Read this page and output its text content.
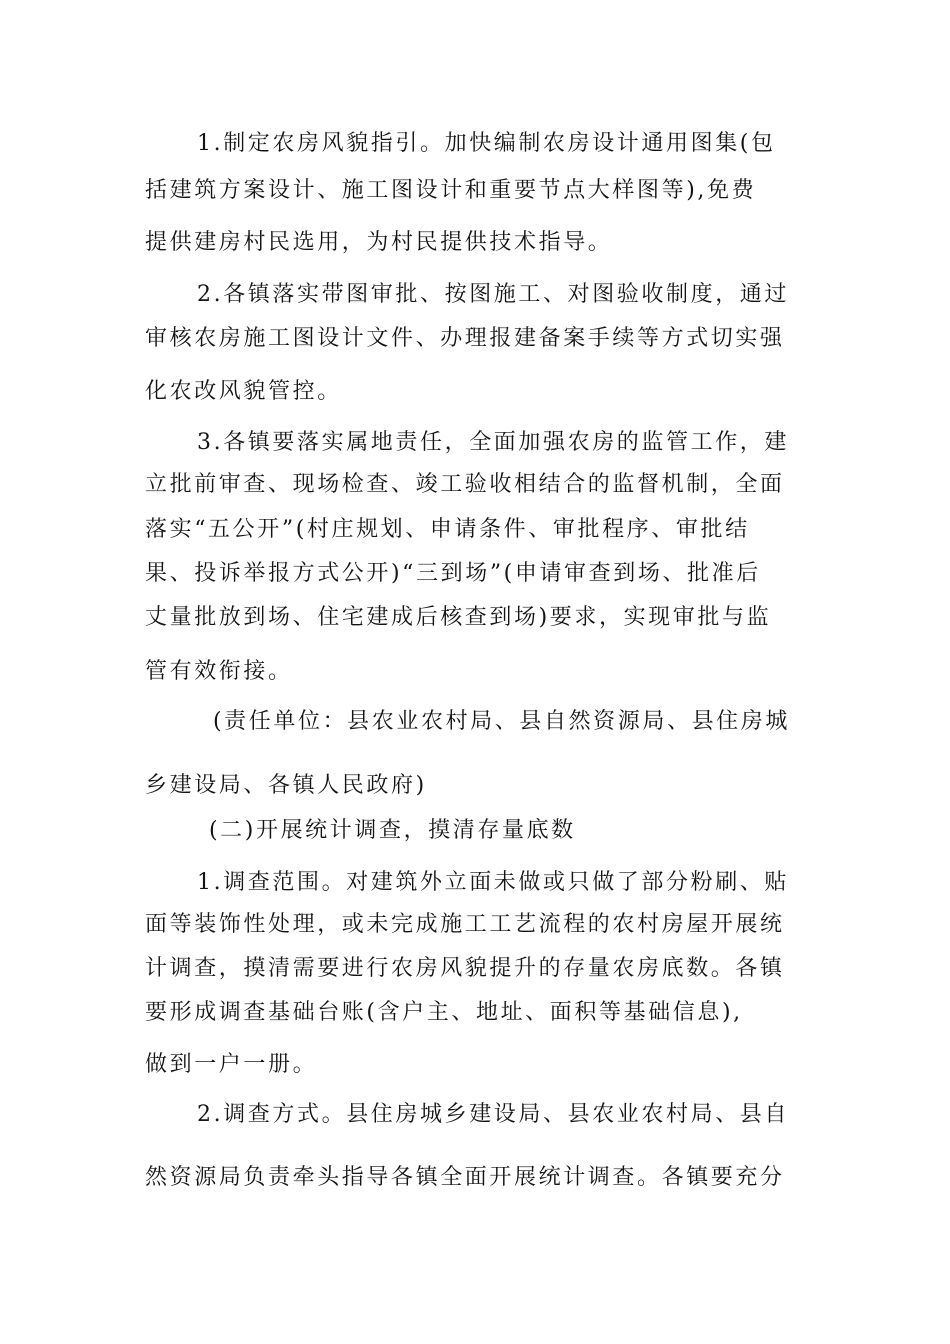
1.制定农房风貌指引。加快编制农房设计通用图集(包
括建筑方案设计、施工图设计和重要节点大样图等),免费
提供建房村民选用，为村民提供技术指导。
2.各镇落实带图审批、按图施工、对图验收制度，通过
审核农房施工图设计文件、办理报建备案手续等方式切实强
化农改风貌管控。
3.各镇要落实属地责任，全面加强农房的监管工作，建
立批前审查、现场检查、竣工验收相结合的监督机制，全面
落实“五公开”(村庄规划、申请条件、审批程序、审批结
果、投诉举报方式公开)“三到场”(申请审查到场、批准后
丈量批放到场、住宅建成后核查到场)要求，实现审批与监
管有效衔接。
(责任单位：县农业农村局、县自然资源局、县住房城
乡建设局、各镇人民政府)
(二)开展统计调查，摸清存量底数
1.调查范围。对建筑外立面未做或只做了部分粉刷、贴
面等装饰性处理，或未完成施工工艺流程的农村房屋开展统
计调查，摸清需要进行农房风貌提升的存量农房底数。各镇
要形成调查基础台账(含户主、地址、面积等基础信息),
做到一户一册。
2.调查方式。县住房城乡建设局、县农业农村局、县自
然资源局负责牵头指导各镇全面开展统计调查。各镇要充分
